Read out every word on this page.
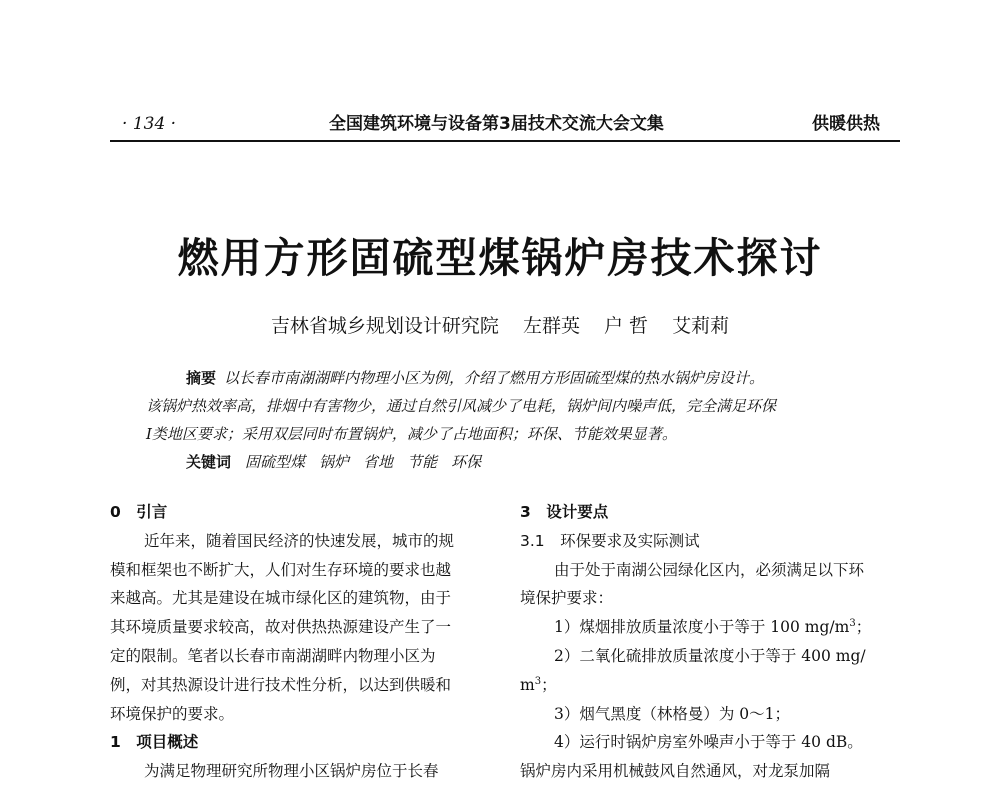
· 134 ·	全国建筑环境与设备第3届技术交流大会文集	供暖供热
燃用方形固硫型煤锅炉房技术探讨
吉林省城乡规划设计研究院 左群英 户 哲 艾莉莉

摘要 以长春市南湖湖畔内物理小区为例，介绍了燃用方形固硫型煤的热水锅炉房设计。

该锅炉热效率高，排烟中有害物少，通过自然引风减少了电耗，锅炉间内噪声低，完全满足环保

Ⅰ类地区要求；采用双层同时布置锅炉，减少了占地面积；环保、节能效果显著。

关键词 固硫型煤 锅炉 省地 节能 环保

0　引言

近年来，随着国民经济的快速发展，城市的规

模和框架也不断扩大，人们对生存环境的要求也越

来越高。尤其是建设在城市绿化区的建筑物，由于

其环境质量要求较高，故对供热热源建设产生了一

定的限制。笔者以长春市南湖湖畔内物理小区为

例，对其热源设计进行技术性分析，以达到供暖和

环境保护的要求。

1　项目概述

为满足物理研究所物理小区锅炉房位于长春

3　设计要点

3.1　环保要求及实际测试

由于处于南湖公园绿化区内，必须满足以下环

境保护要求：

1）煤烟排放质量浓度小于等于 100 $mg/m^3$；

2）二氧化硫排放质量浓度小于等于 400 mg/

$m^3$；

3）烟气黑度（林格曼）为 0～1；

4）运行时锅炉房室外噪声小于等于 40 dB。

锅炉房内采用机械鼓风自然通风，对龙泵加隔
